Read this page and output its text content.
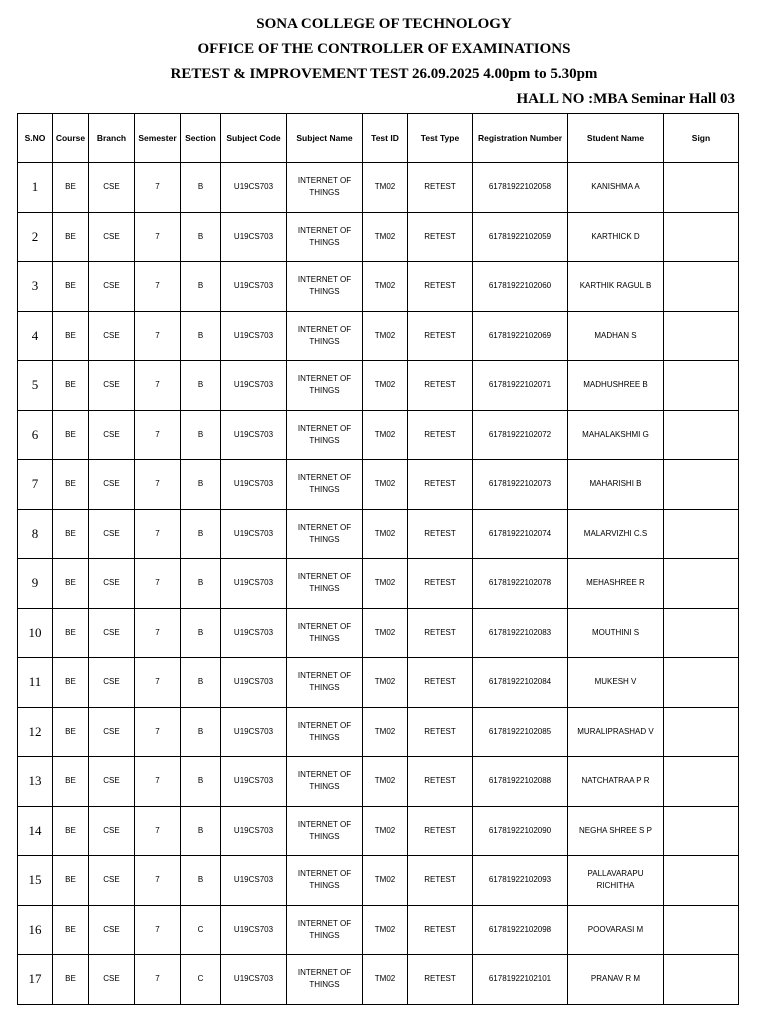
SONA COLLEGE OF TECHNOLOGY
OFFICE OF THE CONTROLLER OF EXAMINATIONS
RETEST & IMPROVEMENT TEST 26.09.2025 4.00pm to 5.30pm
HALL NO :MBA Seminar Hall 03
S.NO	Course	Branch	Semester	Section	Subject Code	Subject Name	Test ID	Test Type	Registration Number	Student Name	Sign
1	BE	CSE	7	B	U19CS703	INTERNET OF THINGS	TM02	RETEST	61781922102058	KANISHMA A	
2	BE	CSE	7	B	U19CS703	INTERNET OF THINGS	TM02	RETEST	61781922102059	KARTHICK D	
3	BE	CSE	7	B	U19CS703	INTERNET OF THINGS	TM02	RETEST	61781922102060	KARTHIK RAGUL B	
4	BE	CSE	7	B	U19CS703	INTERNET OF THINGS	TM02	RETEST	61781922102069	MADHAN S	
5	BE	CSE	7	B	U19CS703	INTERNET OF THINGS	TM02	RETEST	61781922102071	MADHUSHREE B	
6	BE	CSE	7	B	U19CS703	INTERNET OF THINGS	TM02	RETEST	61781922102072	MAHALAKSHMI G	
7	BE	CSE	7	B	U19CS703	INTERNET OF THINGS	TM02	RETEST	61781922102073	MAHARISHI B	
8	BE	CSE	7	B	U19CS703	INTERNET OF THINGS	TM02	RETEST	61781922102074	MALARVIZHI C.S	
9	BE	CSE	7	B	U19CS703	INTERNET OF THINGS	TM02	RETEST	61781922102078	MEHASHREE R	
10	BE	CSE	7	B	U19CS703	INTERNET OF THINGS	TM02	RETEST	61781922102083	MOUTHINI S	
11	BE	CSE	7	B	U19CS703	INTERNET OF THINGS	TM02	RETEST	61781922102084	MUKESH V	
12	BE	CSE	7	B	U19CS703	INTERNET OF THINGS	TM02	RETEST	61781922102085	MURALIPRASHAD V	
13	BE	CSE	7	B	U19CS703	INTERNET OF THINGS	TM02	RETEST	61781922102088	NATCHATRAA P R	
14	BE	CSE	7	B	U19CS703	INTERNET OF THINGS	TM02	RETEST	61781922102090	NEGHA SHREE S P	
15	BE	CSE	7	B	U19CS703	INTERNET OF THINGS	TM02	RETEST	61781922102093	PALLAVARAPU RICHITHA	
16	BE	CSE	7	C	U19CS703	INTERNET OF THINGS	TM02	RETEST	61781922102098	POOVARASI M	
17	BE	CSE	7	C	U19CS703	INTERNET OF THINGS	TM02	RETEST	61781922102101	PRANAV R M	
